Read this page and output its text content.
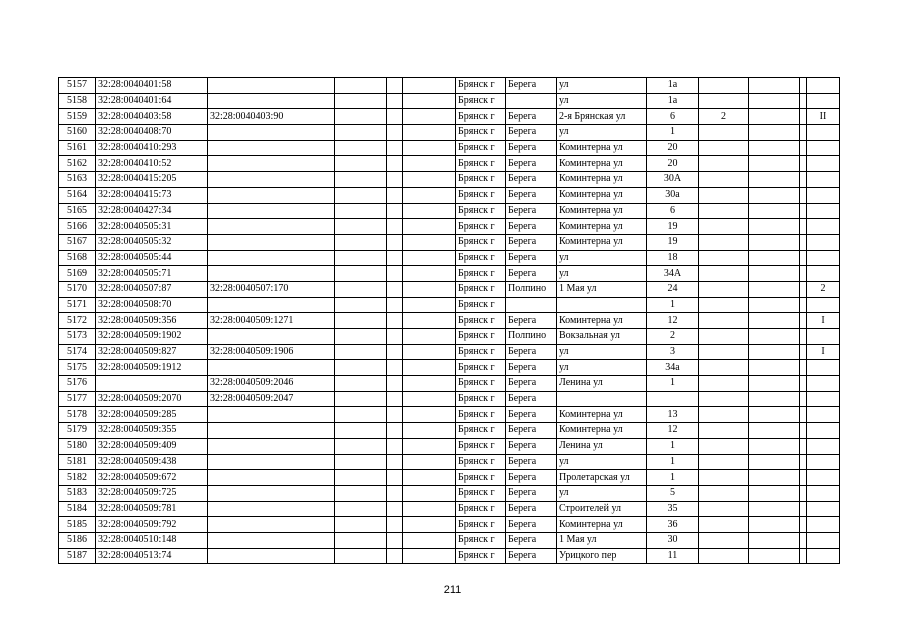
5157	32:28:0040401:58					Брянск г	Берега	ул	1а				
5158	32:28:0040401:64					Брянск г		ул	1а				
5159	32:28:0040403:58	32:28:0040403:90				Брянск г	Берега	2-я Брянская ул	6	2			II
5160	32:28:0040408:70					Брянск г	Берега	ул	1				
5161	32:28:0040410:293					Брянск г	Берега	Коминтерна ул	20				
5162	32:28:0040410:52					Брянск г	Берега	Коминтерна ул	20				
5163	32:28:0040415:205					Брянск г	Берега	Коминтерна ул	30А				
5164	32:28:0040415:73					Брянск г	Берега	Коминтерна ул	30а				
5165	32:28:0040427:34					Брянск г	Берега	Коминтерна ул	6				
5166	32:28:0040505:31					Брянск г	Берега	Коминтерна ул	19				
5167	32:28:0040505:32					Брянск г	Берега	Коминтерна ул	19				
5168	32:28:0040505:44					Брянск г	Берега	ул	18				
5169	32:28:0040505:71					Брянск г	Берега	ул	34А				
5170	32:28:0040507:87	32:28:0040507:170				Брянск г	Полпино	1 Мая ул	24				2
5171	32:28:0040508:70					Брянск г			1				
5172	32:28:0040509:356	32:28:0040509:1271				Брянск г	Берега	Коминтерна ул	12				I
5173	32:28:0040509:1902					Брянск г	Полпино	Вокзальная ул	2				
5174	32:28:0040509:827	32:28:0040509:1906				Брянск г	Берега	ул	3				I
5175	32:28:0040509:1912					Брянск г	Берега	ул	34а				
5176		32:28:0040509:2046				Брянск г	Берега	Ленина ул	1				
5177	32:28:0040509:2070	32:28:0040509:2047				Брянск г	Берега						
5178	32:28:0040509:285					Брянск г	Берега	Коминтерна ул	13				
5179	32:28:0040509:355					Брянск г	Берега	Коминтерна ул	12				
5180	32:28:0040509:409					Брянск г	Берега	Ленина ул	1				
5181	32:28:0040509:438					Брянск г	Берега	ул	1				
5182	32:28:0040509:672					Брянск г	Берега	Пролетарская ул	1				
5183	32:28:0040509:725					Брянск г	Берега	ул	5				
5184	32:28:0040509:781					Брянск г	Берега	Строителей ул	35				
5185	32:28:0040509:792					Брянск г	Берега	Коминтерна ул	36				
5186	32:28:0040510:148					Брянск г	Берега	1 Мая ул	30				
5187	32:28:0040513:74					Брянск г	Берега	Урицкого пер	11				
211
